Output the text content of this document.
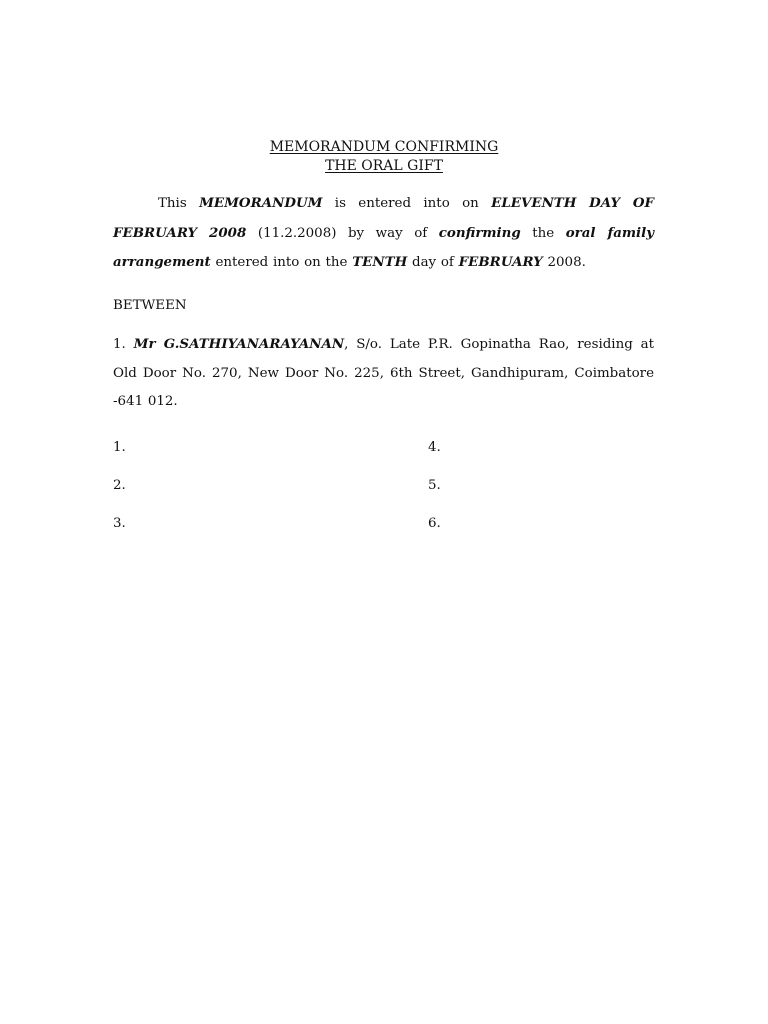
MEMORANDUM CONFIRMING
THE ORAL GIFT

This MEMORANDUM is entered into on ELEVENTH DAY OF FEBRUARY 2008 (11.2.2008) by way of confirming the oral family arrangement entered into on the TENTH day of FEBRUARY 2008.

BETWEEN

1. Mr G.SATHIYANARAYANAN, S/o. Late P.R. Gopinatha Rao, residing at Old Door No. 270, New Door No. 225, 6th Street, Gandhipuram, Coimbatore -641 012.

1.
2.
3.
4.
5.
6.
